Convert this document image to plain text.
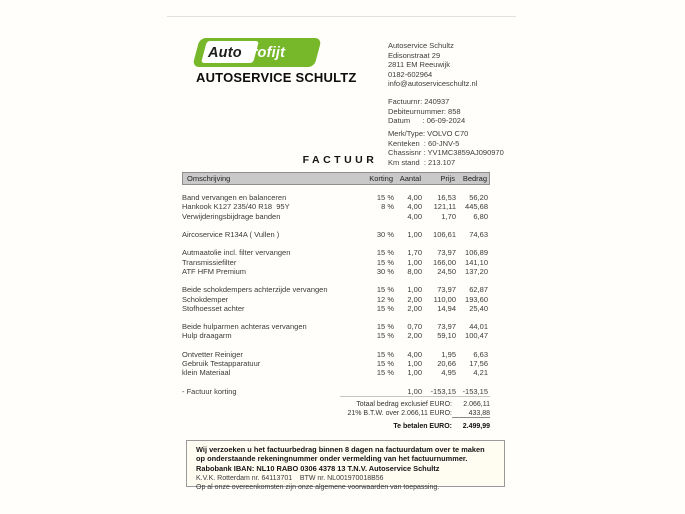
Auto Profijt
AUTOSERVICE SCHULTZ
Autoservice Schultz
Edisonstraat 29
2811 EM Reeuwijk
0182-602964
info@autoserviceschultz.nl
Factuurnr: 240937
Debiteurnummer: 858
Datum      : 06-09-2024
Merk/Type: VOLVO C70
Kenteken  : 60-JNV-5
Chassisnr : YV1MC3859AJ090970
Km stand  : 213.107
FACTUUR
Omschrijving	Korting Aantal	Prijs	Bedrag
Band vervangen en balanceren	15 %	4,00	16,53	56,20
Hankook K127 235/40 R18  95Y	8 %	4,00	121,11	445,68
Verwijderingsbijdrage banden	4,00	1,70	6,80
Aircoservice R134A ( Vullen )	30 %	1,00	106,61	74,63
Autmaatolie incl. filter vervangen	15 %	1,70	73,97	106,89
Transmissiefilter	15 %	1,00	166,00	141,10
ATF HFM Premium	30 %	8,00	24,50	137,20
Beide schokdempers achterzijde vervangen	15 %	1,00	73,97	62,87
Schokdemper	12 %	2,00	110,00	193,60
Stofhoesset achter	15 %	2,00	14,94	25,40
Beide hulparmen achteras vervangen	15 %	0,70	73,97	44,01
Hulp draagarm	15 %	2,00	59,10	100,47
Ontvetter Reiniger	15 %	4,00	1,95	6,63
Gebruik Testapparatuur	15 %	1,00	20,66	17,56
klein Materiaal	15 %	1,00	4,95	4,21
- Factuur korting	1,00	-153,15 -153,15
Totaal bedrag exclusief EURO:	2.066,11
21% B.T.W. over 2.066,11 EURO:	433,88
Te betalen EURO:	2.499,99
Wij verzoeken u het factuurbedrag binnen 8 dagen na factuurdatum over te maken
op onderstaande rekeningnummer onder vermelding van het factuurnummer.
Rabobank IBAN: NL10 RABO 0306 4378 13 T.N.V. Autoservice Schultz
K.V.K. Rotterdam nr. 64113701    BTW nr. NL001970018B56
Op al onze overeenkomsten zijn onze algemene voorwaarden van toepassing.
